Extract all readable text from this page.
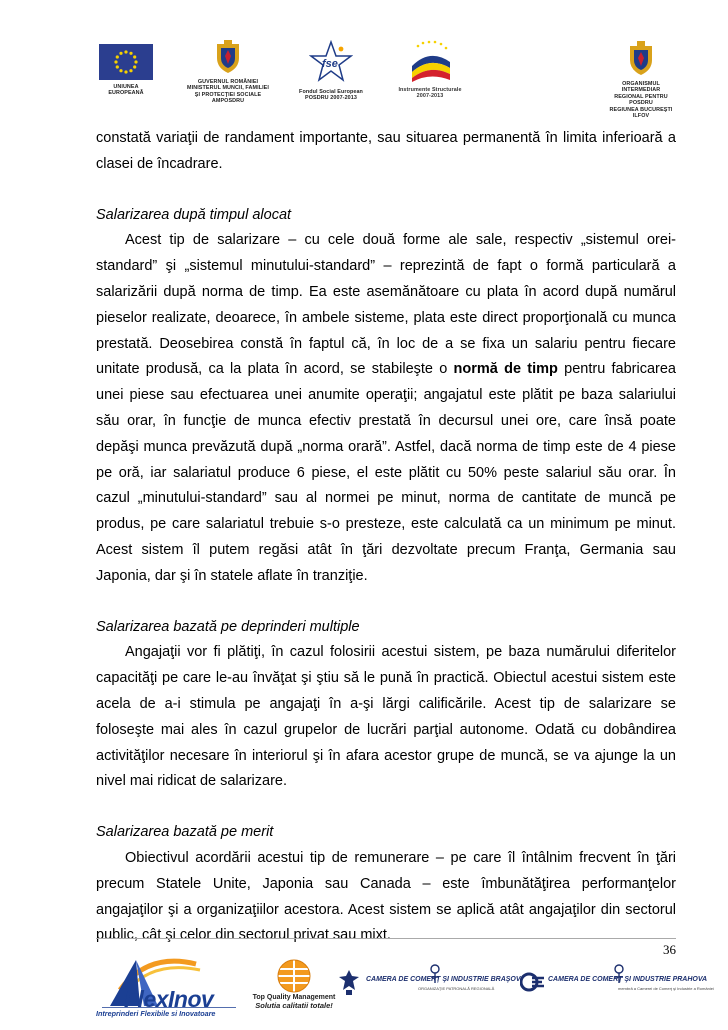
UNIUNEA EUROPEANĂ
GUVERNUL ROMÂNIEI
MINISTERUL MUNCII, FAMILIEI
ŞI PROTECŢIEI SOCIALE
AMPOSDRU
fse
Fondul Social European
POSDRU 2007-2013
Instrumente Structurale
2007-2013
ORGANISMUL INTERMEDIAR
REGIONAL PENTRU POSDRU
REGIUNEA BUCUREŞTI ILFOV

constată variaţii de randament importante, sau situarea permanentă în limita inferioară a

clasei de încadrare.

Salarizarea după timpul alocat

Acest tip de salarizare – cu cele două forme ale sale, respectiv „sistemul orei-

standard” şi „sistemul minutului-standard” – reprezintă de fapt o formă particulară a

salarizării după norma de timp. Ea este asemănătoare cu plata în acord după numărul

pieselor realizate, deoarece, în ambele sisteme, plata este direct proporţională cu munca

prestată. Deosebirea constă în faptul că, în loc de a se fixa un salariu pentru fiecare

unitate produsă, ca la plata în acord, se stabileşte o normă de timp pentru fabricarea

unei piese sau efectuarea unei anumite operaţii; angajatul este plătit pe baza salariului

său orar, în funcţie de munca efectiv prestată în decursul unei ore, care însă poate

depăşi munca prevăzută după „norma orară”. Astfel, dacă norma de timp este de 4 piese

pe oră, iar salariatul produce 6 piese, el este plătit cu 50% peste salariul său orar. În

cazul „minutului-standard” sau al normei pe minut, norma de cantitate de muncă pe

produs, pe care salariatul trebuie s-o presteze, este calculată ca un minimum pe minut.

Acest sistem îl putem regăsi atât în ţări dezvoltate precum Franţa, Germania sau

Japonia, dar şi în statele aflate în tranziţie.

Salarizarea bazată pe deprinderi multiple

Angajaţii vor fi plătiţi, în cazul folosirii acestui sistem, pe baza numărului diferitelor

capacităţi pe care le-au învăţat şi ştiu să le pună în practică. Obiectul acestui sistem este

acela de a-i stimula pe angajaţi în a-şi lărgi calificările. Acest tip de salarizare se

foloseşte mai ales în cazul grupelor de lucrări parţial autonome. Odată cu dobândirea

activităţilor necesare în interiorul şi în afara acestor grupe de muncă, se va ajunge la un

nivel mai ridicat de salarizare.

Salarizarea bazată pe merit

Obiectivul acordării acestui tip de remunerare – pe care îl întâlnim frecvent în ţări

precum Statele Unite, Japonia sau Canada – este îmbunătăţirea performanţelor

angajaţilor şi a organizaţiilor acestora. Acest sistem se aplică atât angajaţilor din sectorul

public, cât şi celor din sectorul privat sau mixt.

36
FlexInov
Intreprinderi Flexibile si Inovatoare
Top Quality Management
Solutia calitatii totale!
CAMERA DE COMERŢ ŞI INDUSTRIE BRAŞOV
ORGANIZAŢIE PATRONALĂ REGIONALĂ
CAMERA DE COMERŢ ŞI INDUSTRIE PRAHOVA
membră a Camerei de Comerţ şi Industrie a României
